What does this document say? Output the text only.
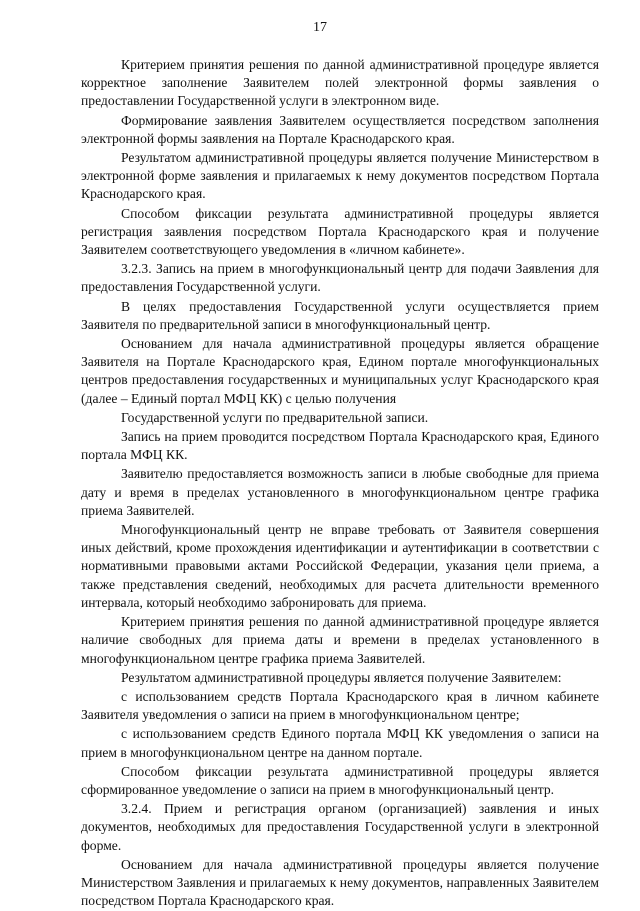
17

Критерием принятия решения по данной административной процедуре является корректное заполнение Заявителем полей электронной формы заявления о предоставлении Государственной услуги в электронном виде.

Формирование заявления Заявителем осуществляется посредством заполнения электронной формы заявления на Портале Краснодарского края.

Результатом административной процедуры является получение Министерством в электронной форме заявления и прилагаемых к нему документов посредством Портала Краснодарского края.

Способом фиксации результата административной процедуры является регистрация заявления посредством Портала Краснодарского края и получение Заявителем соответствующего уведомления в «личном кабинете».

3.2.3. Запись на прием в многофункциональный центр для подачи Заявления для предоставления Государственной услуги.

В целях предоставления Государственной услуги осуществляется прием Заявителя по предварительной записи в многофункциональный центр.

Основанием для начала административной процедуры является обращение Заявителя на Портале Краснодарского края, Едином портале многофункциональных центров предоставления государственных и муниципальных услуг Краснодарского края (далее – Единый портал МФЦ КК) с целью получения

Государственной услуги по предварительной записи.

Запись на прием проводится посредством Портала Краснодарского края, Единого портала МФЦ КК.

Заявителю предоставляется возможность записи в любые свободные для приема дату и время в пределах установленного в многофункциональном центре графика приема Заявителей.

Многофункциональный центр не вправе требовать от Заявителя совершения иных действий, кроме прохождения идентификации и аутентификации в соответствии с нормативными правовыми актами Российской Федерации, указания цели приема, а также представления сведений, необходимых для расчета длительности временного интервала, который необходимо забронировать для приема.

Критерием принятия решения по данной административной процедуре является наличие свободных для приема даты и времени в пределах установленного в многофункциональном центре графика приема Заявителей.

Результатом административной процедуры является получение Заявителем:

с использованием средств Портала Краснодарского края в личном кабинете Заявителя уведомления о записи на прием в многофункциональном центре;

с использованием средств Единого портала МФЦ КК уведомления о записи на прием в многофункциональном центре на данном портале.

Способом фиксации результата административной процедуры является сформированное уведомление о записи на прием в многофункциональный центр.

3.2.4. Прием и регистрация органом (организацией) заявления и иных документов, необходимых для предоставления Государственной услуги в электронной форме.

Основанием для начала административной процедуры является получение Министерством Заявления и прилагаемых к нему документов, направленных Заявителем посредством Портала Краснодарского края.
